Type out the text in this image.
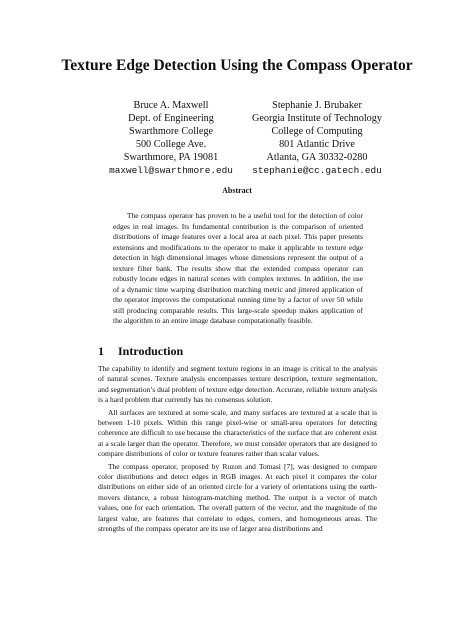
Texture Edge Detection Using the Compass Operator
Bruce A. Maxwell
Dept. of Engineering
Swarthmore College
500 College Ave.
Swarthmore, PA 19081
maxwell@swarthmore.edu
Stephanie J. Brubaker
Georgia Institute of Technology
College of Computing
801 Atlantic Drive
Atlanta, GA 30332-0280
stephanie@cc.gatech.edu
Abstract
The compass operator has proven to be a useful tool for the detection of color edges in real images. Its fundamental contribution is the comparison of oriented distributions of image features over a local area at each pixel. This paper presents extensions and modifications to the operator to make it applicable to texture edge detection in high dimensional images whose dimensions represent the output of a texture filter bank. The results show that the extended compass operator can robustly locate edges in natural scenes with complex textures. In addition, the use of a dynamic time warping distribution matching metric and jittered application of the operator improves the computational running time by a factor of over 50 while still producing comparable results. This large-scale speedup makes application of the algorithm to an entire image database computationally feasible.
1 Introduction

The capability to identify and segment texture regions in an image is critical to the analysis of natural scenes. Texture analysis encompasses texture description, texture segmentation, and segmentation’s dual problem of texture edge detection. Accurate, reliable texture analysis is a hard problem that currently has no consensus solution.

All surfaces are textured at some scale, and many surfaces are textured at a scale that is between 1-10 pixels. Within this range pixel-wise or small-area operators for detecting coherence are difficult to use because the characteristics of the surface that are coherent exist at a scale larger than the operator. Therefore, we must consider operators that are designed to compare distributions of color or texture features rather than scalar values.

The compass operator, proposed by Ruzon and Tomasi [7], was designed to compare color distributions and detect edges in RGB images. At each pixel it compares the color distributions on either side of an oriented circle for a variety of orientations using the earth-movers distance, a robust histogram-matching method. The output is a vector of match values, one for each orientation. The overall pattern of the vector, and the magnitude of the largest value, are features that correlate to edges, corners, and homogeneous areas. The strengths of the compass operator are its use of larger area distributions and
